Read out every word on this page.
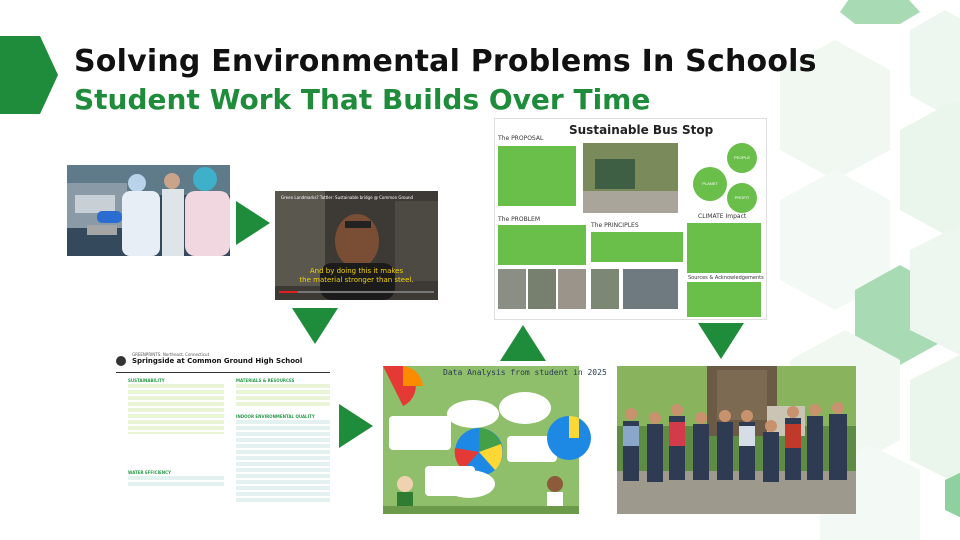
Solving Environmental Problems In Schools
Student Work That Builds Over Time
Green Landmarks? Tattler: Sustainable bridge @ Common Ground
And by doing this it makes
the material stronger than steel.
Sustainable Bus Stop
The PROPOSAL
PEOPLE
PLANET
PROFIT
The PROBLEM
The PRINCIPLES
CLIMATE Impact
Sources & Acknowledgements
GREENPRINTS: Northeast, Connecticut
Springside at Common Ground High School
SUSTAINABILITY
WATER EFFICIENCY
MATERIALS & RESOURCES
INDOOR ENVIRONMENTAL QUALITY
Data Analysis from student in 2025
